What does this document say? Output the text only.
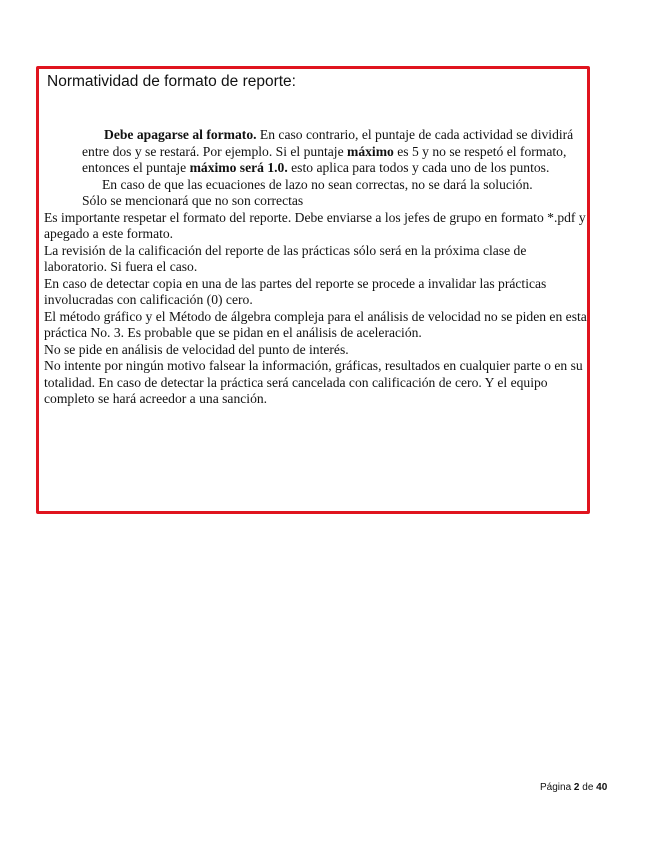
Normatividad de formato de reporte:

Debe apagarse al formato. En caso contrario, el puntaje de cada actividad se dividirá entre dos y se restará. Por ejemplo. Si el puntaje máximo es 5 y no se respetó el formato, entonces el puntaje máximo será 1.0. esto aplica para todos y cada uno de los puntos.

En caso de que las ecuaciones de lazo no sean correctas, no se dará la solución.

Sólo se mencionará que no son correctas

Es importante respetar el formato del reporte. Debe enviarse a los jefes de grupo en formato *.pdf y apegado a este formato.

La revisión de la calificación del reporte de las prácticas sólo será en la próxima clase de laboratorio. Si fuera el caso.

En caso de detectar copia en una de las partes del reporte se procede a invalidar las prácticas involucradas con calificación (0) cero.

El método gráfico y el Método de álgebra compleja para el análisis de velocidad no se piden en esta práctica No. 3. Es probable que se pidan en el análisis de aceleración.

No se pide en análisis de velocidad del punto de interés.

No intente por ningún motivo falsear la información, gráficas, resultados en cualquier parte o en su totalidad. En caso de detectar la práctica será cancelada con calificación de cero. Y el equipo completo se hará acreedor a una sanción.

Página 2 de 40
